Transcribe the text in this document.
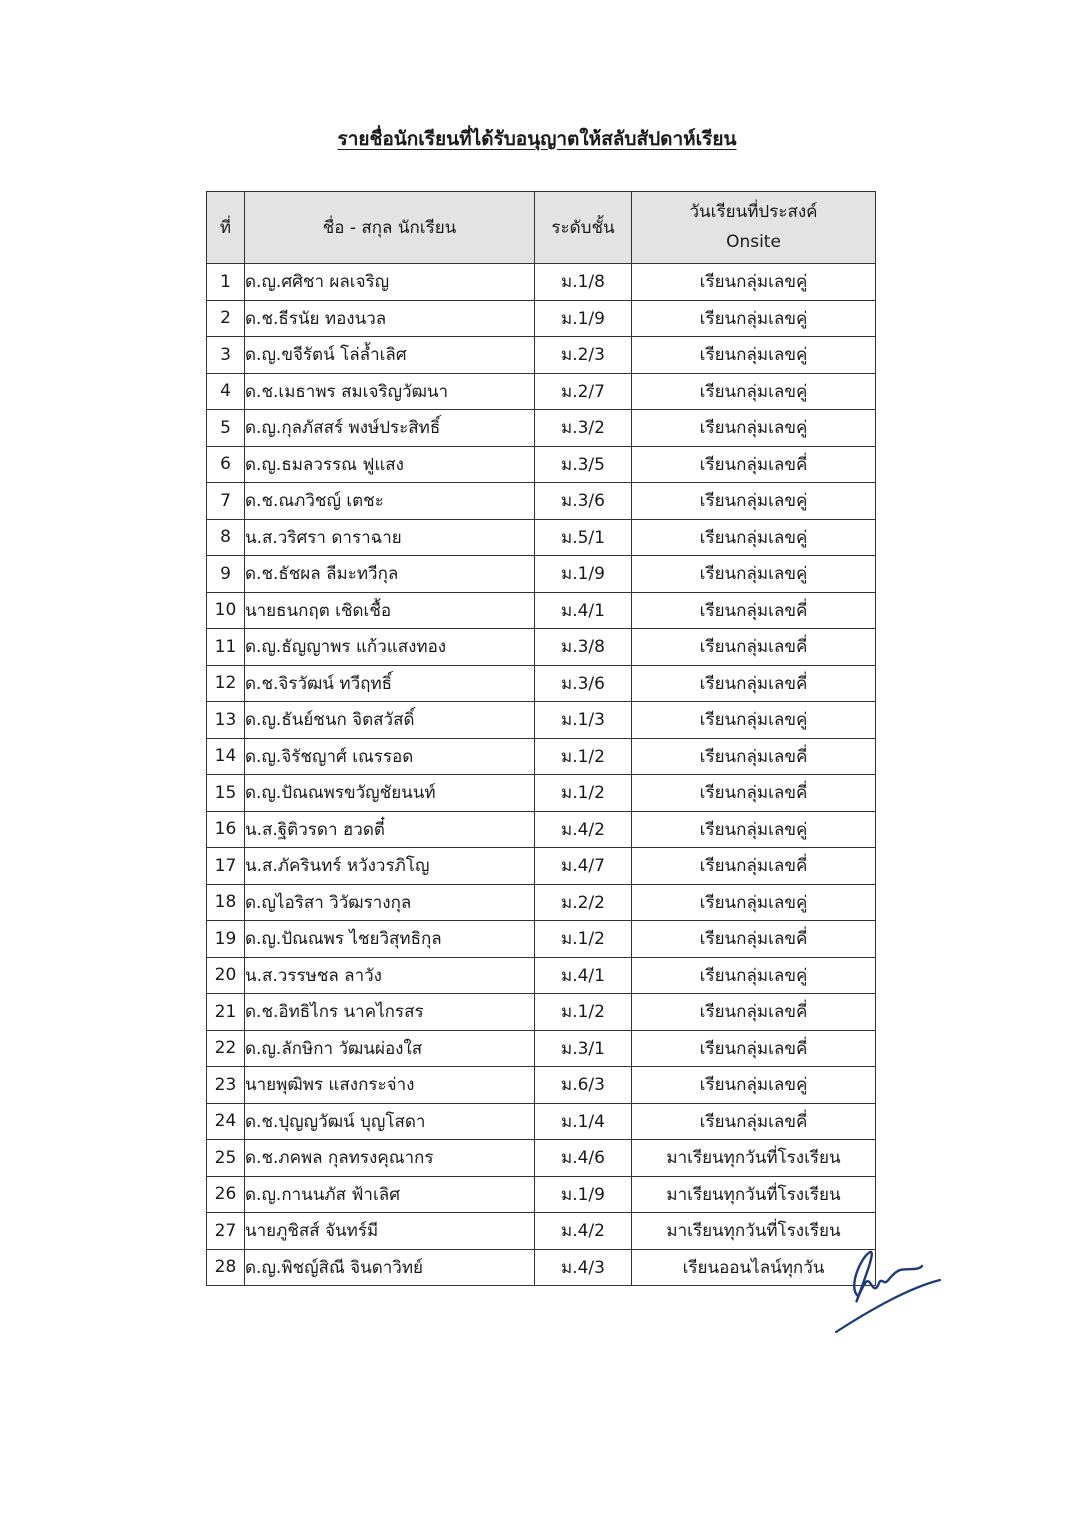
รายชื่อนักเรียนที่ได้รับอนุญาตให้สลับสัปดาห์เรียน
ที่	ชื่อ - สกุล นักเรียน	ระดับชั้น	วันเรียนที่ประสงค์
Onsite

1	ด.ญ.ศศิชา ผลเจริญ	ม.1/8	เรียนกลุ่มเลขคู่
2	ด.ช.ธีรนัย ทองนวล	ม.1/9	เรียนกลุ่มเลขคู่
3	ด.ญ.ขจีรัตน์ โล่ล้ำเลิศ	ม.2/3	เรียนกลุ่มเลขคู่
4	ด.ช.เมธาพร สมเจริญวัฒนา	ม.2/7	เรียนกลุ่มเลขคู่
5	ด.ญ.กุลภัสสร์ พงษ์ประสิทธิ์	ม.3/2	เรียนกลุ่มเลขคู่
6	ด.ญ.ธมลวรรณ ฟูแสง	ม.3/5	เรียนกลุ่มเลขคี่
7	ด.ช.ณภวิชญ์ เตชะ	ม.3/6	เรียนกลุ่มเลขคู่
8	น.ส.วริศรา ดาราฉาย	ม.5/1	เรียนกลุ่มเลขคู่
9	ด.ช.ธัชผล ลีมะทวีกุล	ม.1/9	เรียนกลุ่มเลขคู่
10	นายธนกฤต เชิดเชื้อ	ม.4/1	เรียนกลุ่มเลขคี่
11	ด.ญ.ธัญญาพร แก้วแสงทอง	ม.3/8	เรียนกลุ่มเลขคี่
12	ด.ช.จิรวัฒน์ ทวีฤทธิ์	ม.3/6	เรียนกลุ่มเลขคี่
13	ด.ญ.ธันย์ชนก จิตสวัสดิ์	ม.1/3	เรียนกลุ่มเลขคู่
14	ด.ญ.จิรัชญาศ์ เณรรอด	ม.1/2	เรียนกลุ่มเลขคี่
15	ด.ญ.ปัณณพรขวัญชัยนนท์	ม.1/2	เรียนกลุ่มเลขคี่
16	น.ส.ฐิติวรดา ฮวดตี๋	ม.4/2	เรียนกลุ่มเลขคู่
17	น.ส.ภัครินทร์ หวังวรภิโญ	ม.4/7	เรียนกลุ่มเลขคี่
18	ด.ญไอริสา วิวัฒรางกุล	ม.2/2	เรียนกลุ่มเลขคู่
19	ด.ญ.ปัณณพร ไชยวิสุทธิกุล	ม.1/2	เรียนกลุ่มเลขคี่
20	น.ส.วรรษชล ลาวัง	ม.4/1	เรียนกลุ่มเลขคู่
21	ด.ช.อิทธิไกร นาคไกรสร	ม.1/2	เรียนกลุ่มเลขคี่
22	ด.ญ.ลักษิกา วัฒนผ่องใส	ม.3/1	เรียนกลุ่มเลขคี่
23	นายพุฒิพร แสงกระจ่าง	ม.6/3	เรียนกลุ่มเลขคู่
24	ด.ช.ปุญญวัฒน์ บุญโสดา	ม.1/4	เรียนกลุ่มเลขคี่
25	ด.ช.ภคพล กุลทรงคุณากร	ม.4/6	มาเรียนทุกวันที่โรงเรียน
26	ด.ญ.กานนภัส ฟ้าเลิศ	ม.1/9	มาเรียนทุกวันที่โรงเรียน
27	นายภูชิสส์ จันทร์มี	ม.4/2	มาเรียนทุกวันที่โรงเรียน
28	ด.ญ.พิชญ์สิณี จินดาวิทย์	ม.4/3	เรียนออนไลน์ทุกวัน
